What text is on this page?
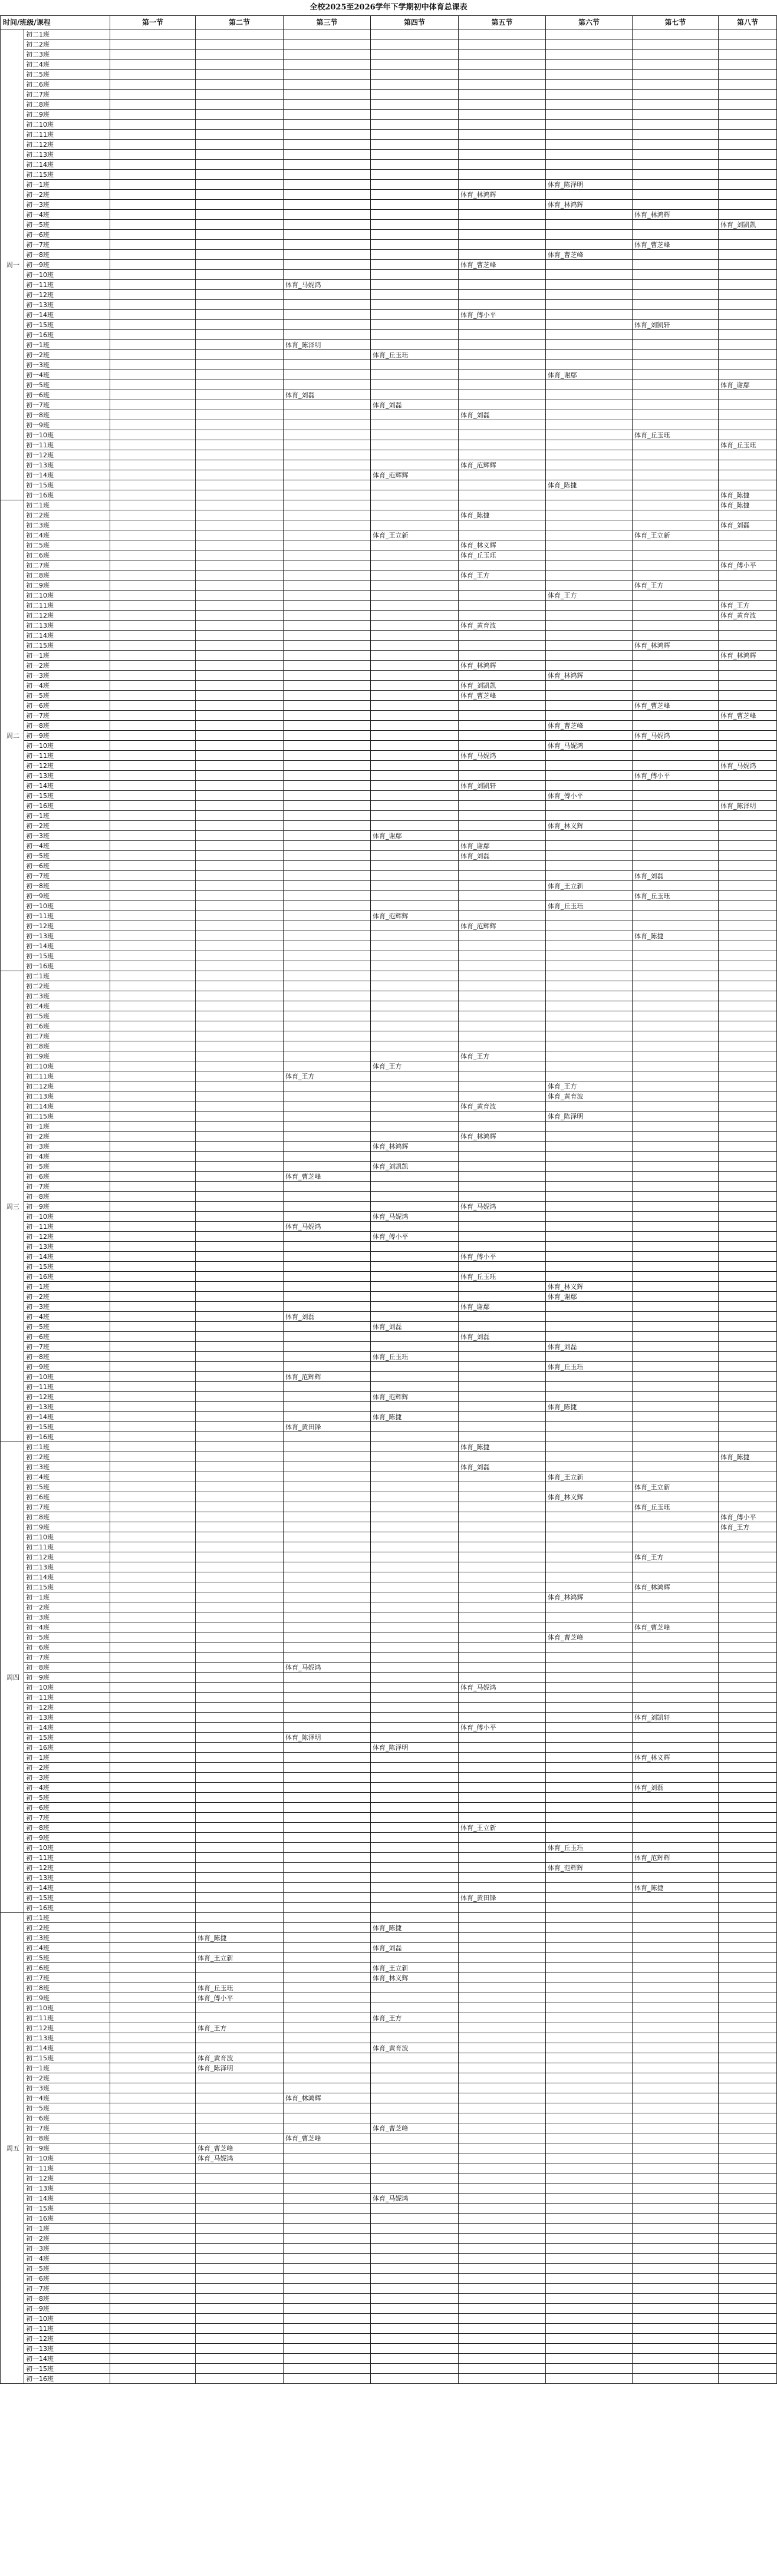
全校2025至2026学年下学期初中体育总课表
时间/班级/课程		第一节	第二节	第三节	第四节	第五节	第六节	第七节	第八节
周一	初二1班								
	初二2班								
	初二3班								
	初二4班								
	初二5班								
	初二6班								
	初二7班								
	初二8班								
	初二9班								
	初二10班								
	初二11班								
	初二12班								
	初二13班								
	初二14班								
	初二15班								
	初一1班						体育_陈泽明		
	初一2班					体育_林鸿辉			
	初一3班						体育_林鸿辉		
	初一4班							体育_林鸿辉	
	初一5班								体育_刘凯凯
	初一6班								
	初一7班							体育_曹芝峰	
	初一8班						体育_曹芝峰		
	初一9班					体育_曹芝峰			
	初一10班								
	初一11班			体育_马妮鸿					
	初一12班								
	初一13班								
	初一14班					体育_傅小平			
	初一15班							体育_刘凯轩	
	初一16班								
	初一1班			体育_陈泽明					
	初一2班				体育_丘玉珏				
	初一3班								
	初一4班						体育_谢鄢		
	初一5班								体育_谢鄢
	初一6班			体育_刘磊					
	初一7班				体育_刘磊				
	初一8班					体育_刘磊			
	初一9班								
	初一10班							体育_丘玉珏	
	初一11班								体育_丘玉珏
	初一12班								
	初一13班					体育_范辉辉			
	初一14班				体育_范辉辉				
	初一15班						体育_陈捷		
	初一16班								体育_陈捷
周二	初二1班								体育_陈捷
	初二2班					体育_陈捷			
	初二3班								体育_刘磊
	初二4班				体育_王立新			体育_王立新	
	初二5班					体育_林义辉			
	初二6班					体育_丘玉珏			
	初二7班								体育_傅小平
	初二8班					体育_王方			
	初二9班							体育_王方	
	初二10班						体育_王方		
	初二11班								体育_王方
	初二12班								体育_黄育波
	初二13班					体育_黄育波			
	初二14班								
	初二15班							体育_林鸿辉	
	初一1班								体育_林鸿辉
	初一2班					体育_林鸿辉			
	初一3班						体育_林鸿辉		
	初一4班					体育_刘凯凯			
	初一5班					体育_曹芝峰			
	初一6班							体育_曹芝峰	
	初一7班								体育_曹芝峰
	初一8班						体育_曹芝峰		
	初一9班							体育_马妮鸿	
	初一10班						体育_马妮鸿		
	初一11班					体育_马妮鸿			
	初一12班								体育_马妮鸿
	初一13班							体育_傅小平	
	初一14班					体育_刘凯轩			
	初一15班						体育_傅小平		
	初一16班								体育_陈泽明
	初一1班								
	初一2班						体育_林义辉		
	初一3班				体育_谢鄢				
	初一4班					体育_谢鄢			
	初一5班					体育_刘磊			
	初一6班								
	初一7班							体育_刘磊	
	初一8班						体育_王立新		
	初一9班							体育_丘玉珏	
	初一10班						体育_丘玉珏		
	初一11班				体育_范辉辉				
	初一12班					体育_范辉辉			
	初一13班							体育_陈捷	
	初一14班								
	初一15班								
	初一16班								
周三	初二1班								
	初二2班								
	初二3班								
	初二4班								
	初二5班								
	初二6班								
	初二7班								
	初二8班								
	初二9班					体育_王方			
	初二10班				体育_王方				
	初二11班			体育_王方					
	初二12班						体育_王方		
	初二13班						体育_黄育波		
	初二14班					体育_黄育波			
	初二15班						体育_陈泽明		
	初一1班								
	初一2班					体育_林鸿辉			
	初一3班				体育_林鸿辉				
	初一4班								
	初一5班				体育_刘凯凯				
	初一6班			体育_曹芝峰					
	初一7班								
	初一8班								
	初一9班					体育_马妮鸿			
	初一10班				体育_马妮鸿				
	初一11班			体育_马妮鸿					
	初一12班				体育_傅小平				
	初一13班								
	初一14班					体育_傅小平			
	初一15班								
	初一16班					体育_丘玉珏			
	初一1班						体育_林义辉		
	初一2班						体育_谢鄢		
	初一3班					体育_谢鄢			
	初一4班			体育_刘磊					
	初一5班				体育_刘磊				
	初一6班					体育_刘磊			
	初一7班						体育_刘磊		
	初一8班				体育_丘玉珏				
	初一9班						体育_丘玉珏		
	初一10班			体育_范辉辉					
	初一11班								
	初一12班				体育_范辉辉				
	初一13班						体育_陈捷		
	初一14班				体育_陈捷				
	初一15班			体育_黄田锋					
	初一16班								
周四	初二1班					体育_陈捷			
	初二2班								体育_陈捷
	初二3班					体育_刘磊			
	初二4班						体育_王立新		
	初二5班							体育_王立新	
	初二6班						体育_林义辉		
	初二7班							体育_丘玉珏	
	初二8班								体育_傅小平
	初二9班								体育_王方
	初二10班								
	初二11班								
	初二12班							体育_王方	
	初二13班								
	初二14班								
	初二15班							体育_林鸿辉	
	初一1班						体育_林鸿辉		
	初一2班								
	初一3班								
	初一4班							体育_曹芝峰	
	初一5班						体育_曹芝峰		
	初一6班								
	初一7班								
	初一8班			体育_马妮鸿					
	初一9班								
	初一10班					体育_马妮鸿			
	初一11班								
	初一12班								
	初一13班							体育_刘凯轩	
	初一14班					体育_傅小平			
	初一15班			体育_陈泽明					
	初一16班				体育_陈泽明				
	初一1班							体育_林义辉	
	初一2班								
	初一3班								
	初一4班							体育_刘磊	
	初一5班								
	初一6班								
	初一7班								
	初一8班					体育_王立新			
	初一9班								
	初一10班						体育_丘玉珏		
	初一11班							体育_范辉辉	
	初一12班						体育_范辉辉		
	初一13班								
	初一14班							体育_陈捷	
	初一15班					体育_黄田锋			
	初一16班								
周五	初二1班								
	初二2班				体育_陈捷				
	初二3班		体育_陈捷						
	初二4班				体育_刘磊				
	初二5班		体育_王立新						
	初二6班				体育_王立新				
	初二7班				体育_林义辉				
	初二8班		体育_丘玉珏						
	初二9班		体育_傅小平						
	初二10班								
	初二11班				体育_王方				
	初二12班		体育_王方						
	初二13班								
	初二14班				体育_黄育波				
	初二15班		体育_黄育波						
	初一1班		体育_陈泽明						
	初一2班								
	初一3班								
	初一4班			体育_林鸿辉					
	初一5班								
	初一6班								
	初一7班				体育_曹芝峰				
	初一8班			体育_曹芝峰					
	初一9班		体育_曹芝峰						
	初一10班		体育_马妮鸿						
	初一11班								
	初一12班								
	初一13班								
	初一14班				体育_马妮鸿				
	初一15班								
	初一16班								
	初一1班								
	初一2班								
	初一3班								
	初一4班								
	初一5班								
	初一6班								
	初一7班								
	初一8班								
	初一9班								
	初一10班								
	初一11班								
	初一12班								
	初一13班								
	初一14班								
	初一15班								
	初一16班								
